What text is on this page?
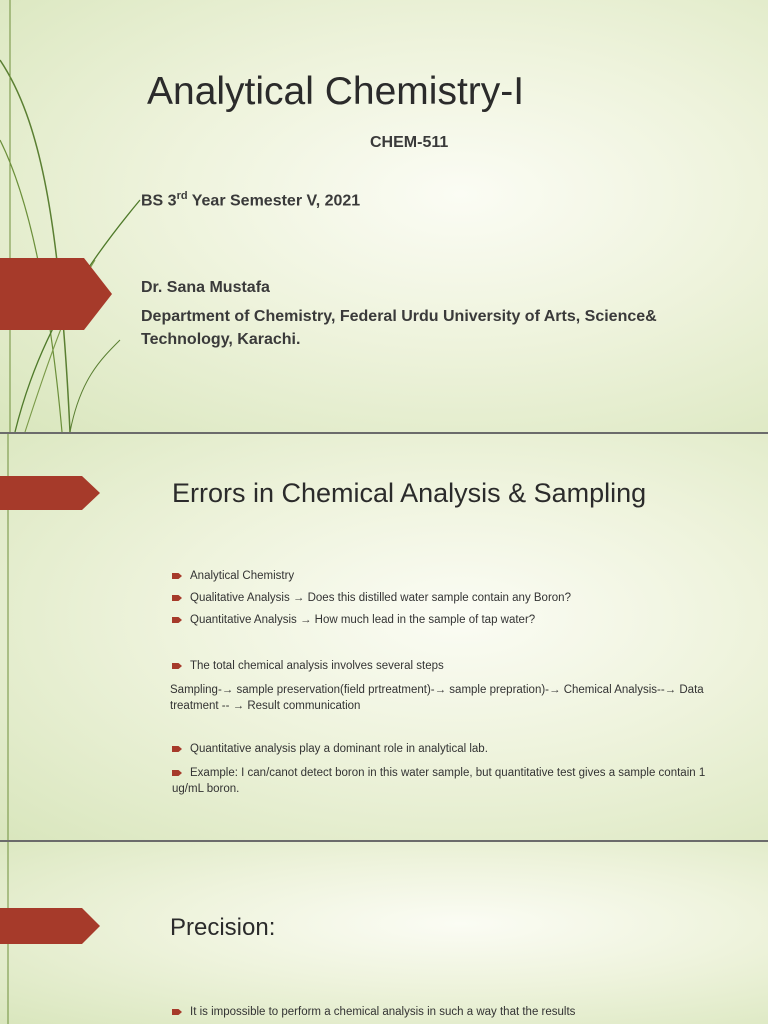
Analytical Chemistry-I
CHEM-511
BS 3rd Year Semester V, 2021
Dr. Sana Mustafa
Department of Chemistry, Federal Urdu University of Arts, Science& Technology, Karachi.
Errors in Chemical Analysis & Sampling
Analytical Chemistry
Qualitative Analysis → Does this distilled water sample contain any Boron?
Quantitative Analysis → How much lead in the sample of tap water?
The total chemical analysis involves several steps
Sampling-→ sample preservation(field prtreatment)-→ sample prepration)-→ Chemical Analysis--→ Data treatment -- → Result communication
Quantitative analysis play a dominant role in analytical lab.
Example: I can/canot detect boron in this water sample, but quantitative test gives a sample contain 1 ug/mL boron.
Precision:
It is impossible to perform a chemical analysis in such a way that the results
